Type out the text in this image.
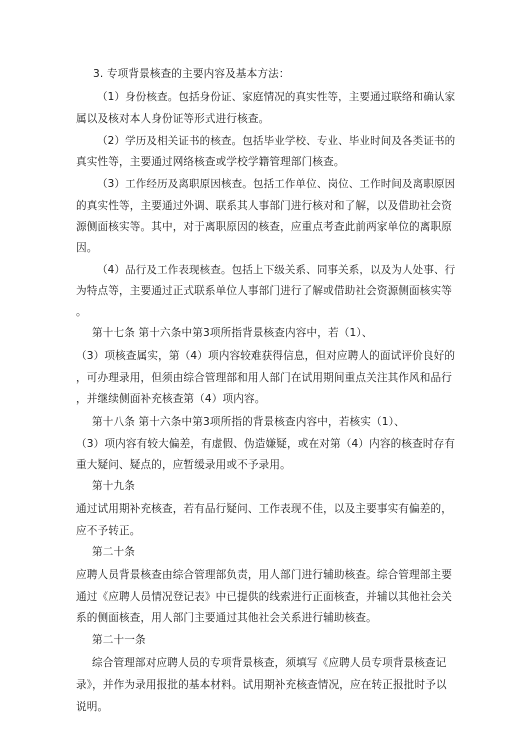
3. 专项背景核查的主要内容及基本方法：
（1）身份核查。包括身份证、家庭情况的真实性等，主要通过联络和确认家
属以及核对本人身份证等形式进行核查。
（2）学历及相关证书的核查。包括毕业学校、专业、毕业时间及各类证书的
真实性等，主要通过网络核查或学校学籍管理部门核查。
（3）工作经历及离职原因核查。包括工作单位、岗位、工作时间及离职原因
的真实性等，主要通过外调、联系其人事部门进行核对和了解，以及借助社会资
源侧面核实等。其中，对于离职原因的核查，应重点考查此前两家单位的离职原
因。
（4）品行及工作表现核查。包括上下级关系、同事关系，以及为人处事、行
为特点等，主要通过正式联系单位人事部门进行了解或借助社会资源侧面核实等
。
第十七条 第十六条中第3项所指背景核查内容中，若（1）、
（3）项核查属实，第（4）项内容较难获得信息，但对应聘人的面试评价良好的
，可办理录用，但须由综合管理部和用人部门在试用期间重点关注其作风和品行
，并继续侧面补充核查第（4）项内容。
第十八条 第十六条中第3项所指的背景核查内容中，若核实（1）、
（3）项内容有较大偏差，有虚假、伪造嫌疑，或在对第（4）内容的核查时存有
重大疑问、疑点的，应暂缓录用或不予录用。
第十九条
通过试用期补充核查，若有品行疑问、工作表现不佳，以及主要事实有偏差的，
应不予转正。
第二十条
应聘人员背景核查由综合管理部负责，用人部门进行辅助核查。综合管理部主要
通过《应聘人员情况登记表》中已提供的线索进行正面核查，并辅以其他社会关
系的侧面核查，用人部门主要通过其他社会关系进行辅助核查。
第二十一条
综合管理部对应聘人员的专项背景核查，须填写《应聘人员专项背景核查记
录》，并作为录用报批的基本材料。试用期补充核查情况，应在转正报批时予以
说明。
